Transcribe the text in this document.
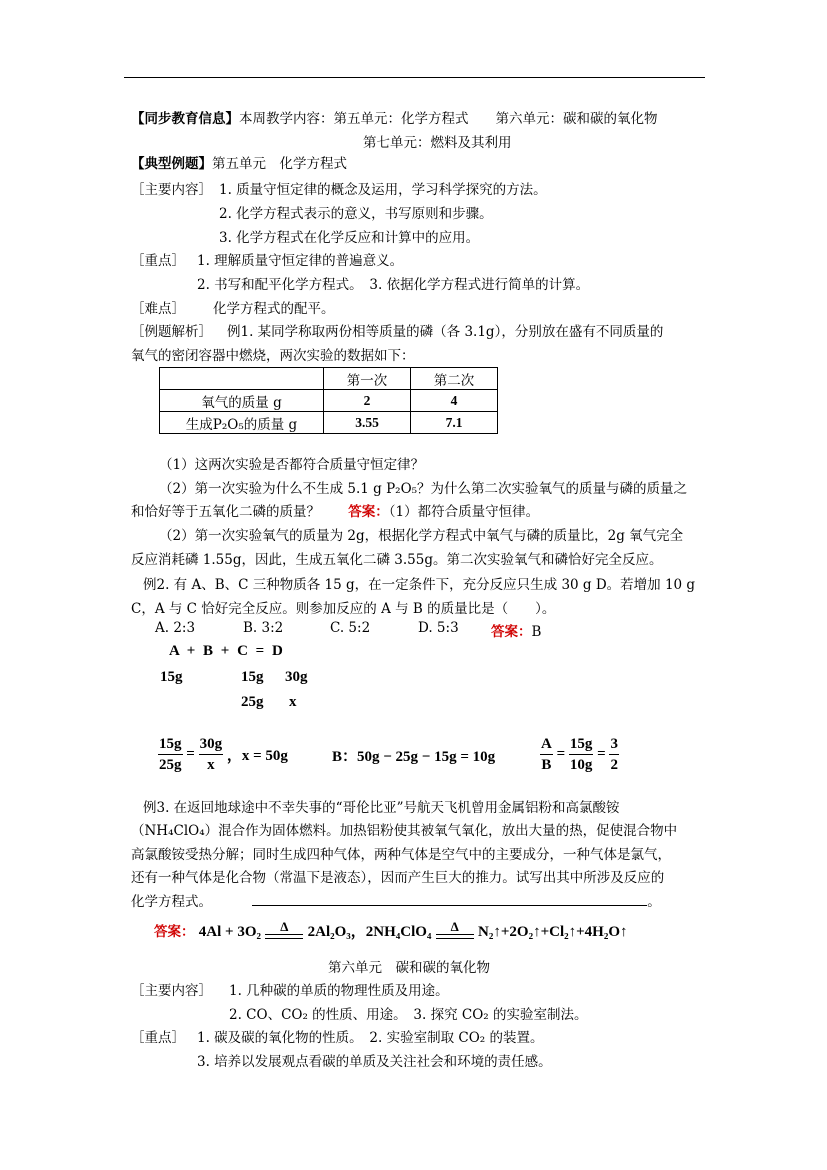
【同步教育信息】本周教学内容：第五单元：化学方程式　　第六单元：碳和碳的氧化物
第七单元：燃料及其利用
【典型例题】第五单元　化学方程式
［主要内容］ 1. 质量守恒定律的概念及运用，学习科学探究的方法。
2. 化学方程式表示的意义，书写原则和步骤。
3. 化学方程式在化学反应和计算中的应用。
［重点］ 1. 理解质量守恒定律的普遍意义。
2. 书写和配平化学方程式。　3. 依据化学方程式进行简单的计算。
［难点］ 化学方程式的配平。
［例题解析］ 例1. 某同学称取两份相等质量的磷（各 3.1g），分别放在盛有不同质量的
氧气的密闭容器中燃烧，两次实验的数据如下：
	第一次	第二次
氧气的质量 g	2	4
生成P₂O₅的质量 g	3.55	7.1
（1）这两次实验是否都符合质量守恒定律？
（2）第一次实验为什么不生成 5.1 g P₂O₅？为什么第二次实验氧气的质量与磷的质量之
和恰好等于五氧化二磷的质量？ 答案：（1）都符合质量守恒律。
（2）第一次实验氧气的质量为 2g，根据化学方程式中氧气与磷的质量比，2g 氧气完全
反应消耗磷 1.55g，因此，生成五氧化二磷 3.55g。第二次实验氧气和磷恰好完全反应。
例2. 有 A、B、C 三种物质各 15 g，在一定条件下，充分反应只生成 30 g D。若增加 10 g
C，A 与 C 恰好完全反应。则参加反应的 A 与 B 的质量比是（　　）。
A. 2:3	B. 3:2	C. 5:2	D. 5:3 答案：B
A + B + C = D
15g	15g 30g
25g x
$\frac{15g}{25g} = \frac{30g}{x}$ ，x = 50g	B：50g − 25g − 15g = 10g	$\frac{A}{B} = \frac{15g}{10g} = \frac{3}{2}$
例3. 在返回地球途中不幸失事的“哥伦比亚”号航天飞机曾用金属铝粉和高氯酸铵
（NH₄ClO₄）混合作为固体燃料。加热铝粉使其被氧气氧化，放出大量的热，促使混合物中
高氯酸铵受热分解；同时生成四种气体，两种气体是空气中的主要成分，一种气体是氯气，
还有一种气体是化合物（常温下是液态），因而产生巨大的推力。试写出其中所涉及反应的
化学方程式。	。
答案： 4Al + 3O₂	Δ	2Al₂O₃，2NH₄ClO₄	Δ	N₂↑+2O₂↑+Cl₂↑+4H₂O↑
第六单元　碳和碳的氧化物
［主要内容］ 1. 几种碳的单质的物理性质及用途。
2. CO、CO₂ 的性质、用途。　3. 探究 CO₂ 的实验室制法。
［重点］ 1. 碳及碳的氧化物的性质。　2. 实验室制取 CO₂ 的装置。
3. 培养以发展观点看碳的单质及关注社会和环境的责任感。
